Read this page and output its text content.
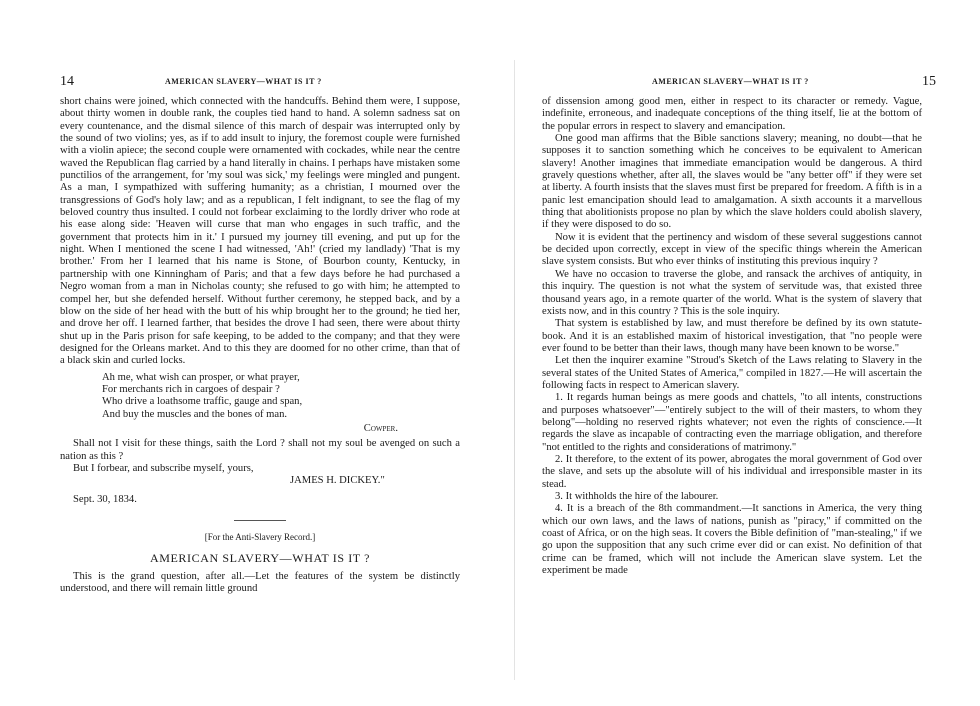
14	AMERICAN SLAVERY—WHAT IS IT ?

short chains were joined, which connected with the handcuffs. Behind them were, I suppose, about thirty women in double rank, the couples tied hand to hand. A solemn sadness sat on every countenance, and the dismal silence of this march of despair was interrupted only by the sound of two violins; yes, as if to add insult to injury, the foremost couple were furnished with a violin apiece; the second couple were ornamented with cockades, while near the centre waved the Republican flag carried by a hand literally in chains. I perhaps have mistaken some punctilios of the arrangement, for 'my soul was sick,' my feelings were mingled and pungent. As a man, I sympathized with suffering humanity; as a christian, I mourned over the transgressions of God's holy law; and as a republican, I felt indignant, to see the flag of my beloved country thus insulted. I could not forbear exclaiming to the lordly driver who rode at his ease along side: 'Heaven will curse that man who engages in such traffic, and the government that protects him in it.' I pursued my journey till evening, and put up for the night. When I mentioned the scene I had witnessed, 'Ah!' (cried my landlady) 'That is my brother.' From her I learned that his name is Stone, of Bourbon county, Kentucky, in partnership with one Kinningham of Paris; and that a few days before he had purchased a Negro woman from a man in Nicholas county; she refused to go with him; he attempted to compel her, but she defended herself. Without further ceremony, he stepped back, and by a blow on the side of her head with the butt of his whip brought her to the ground; he tied her, and drove her off. I learned farther, that besides the drove I had seen, there were about thirty shut up in the Paris prison for safe keeping, to be added to the company; and that they were designed for the Orleans market. And to this they are doomed for no other crime, than that of a black skin and curled locks.

Ah me, what wish can prosper, or what prayer,
For merchants rich in cargoes of despair ?
Who drive a loathsome traffic, gauge and span,
And buy the muscles and the bones of man.
Cowper.

Shall not I visit for these things, saith the Lord ? shall not my soul be avenged on such a nation as this ?

But I forbear, and subscribe myself, yours,

JAMES H. DICKEY."
Sept. 30, 1834.
[For the Anti-Slavery Record.]
AMERICAN SLAVERY—WHAT IS IT ?

This is the grand question, after all.—Let the features of the system be distinctly understood, and there will remain little ground

AMERICAN SLAVERY—WHAT IS IT ?	15

of dissension among good men, either in respect to its character or remedy. Vague, indefinite, erroneous, and inadequate conceptions of the thing itself, lie at the bottom of the popular errors in respect to slavery and emancipation.

One good man affirms that the Bible sanctions slavery; meaning, no doubt—that he supposes it to sanction something which he conceives to be equivalent to American slavery! Another imagines that immediate emancipation would be dangerous. A third gravely questions whether, after all, the slaves would be "any better off" if they were set at liberty. A fourth insists that the slaves must first be prepared for freedom. A fifth is in a panic lest emancipation should lead to amalgamation. A sixth accounts it a marvellous thing that abolitionists propose no plan by which the slave holders could abolish slavery, if they were disposed to do so.

Now it is evident that the pertinency and wisdom of these several suggestions cannot be decided upon correctly, except in view of the specific things wherein the American slave system consists. But who ever thinks of instituting this previous inquiry ?

We have no occasion to traverse the globe, and ransack the archives of antiquity, in this inquiry. The question is not what the system of servitude was, that existed three thousand years ago, in a remote quarter of the world. What is the system of slavery that exists now, and in this country ? This is the sole inquiry.

That system is established by law, and must therefore be defined by its own statute-book. And it is an established maxim of historical investigation, that "no people were ever found to be better than their laws, though many have been known to be worse."

Let then the inquirer examine "Stroud's Sketch of the Laws relating to Slavery in the several states of the United States of America," compiled in 1827.—He will ascertain the following facts in respect to American slavery.

1. It regards human beings as mere goods and chattels, "to all intents, constructions and purposes whatsoever"—"entirely subject to the will of their masters, to whom they belong"—holding no reserved rights whatever; not even the rights of conscience.—It regards the slave as incapable of contracting even the marriage obligation, and therefore "not entitled to the rights and considerations of matrimony."

2. It therefore, to the extent of its power, abrogates the moral government of God over the slave, and sets up the absolute will of his individual and irresponsible master in its stead.

3. It withholds the hire of the labourer.

4. It is a breach of the 8th commandment.—It sanctions in America, the very thing which our own laws, and the laws of nations, punish as "piracy," if committed on the coast of Africa, or on the high seas. It covers the Bible definition of "man-stealing," if we go upon the supposition that any such crime ever did or can exist. No definition of that crime can be framed, which will not include the American slave system. Let the experiment be made
